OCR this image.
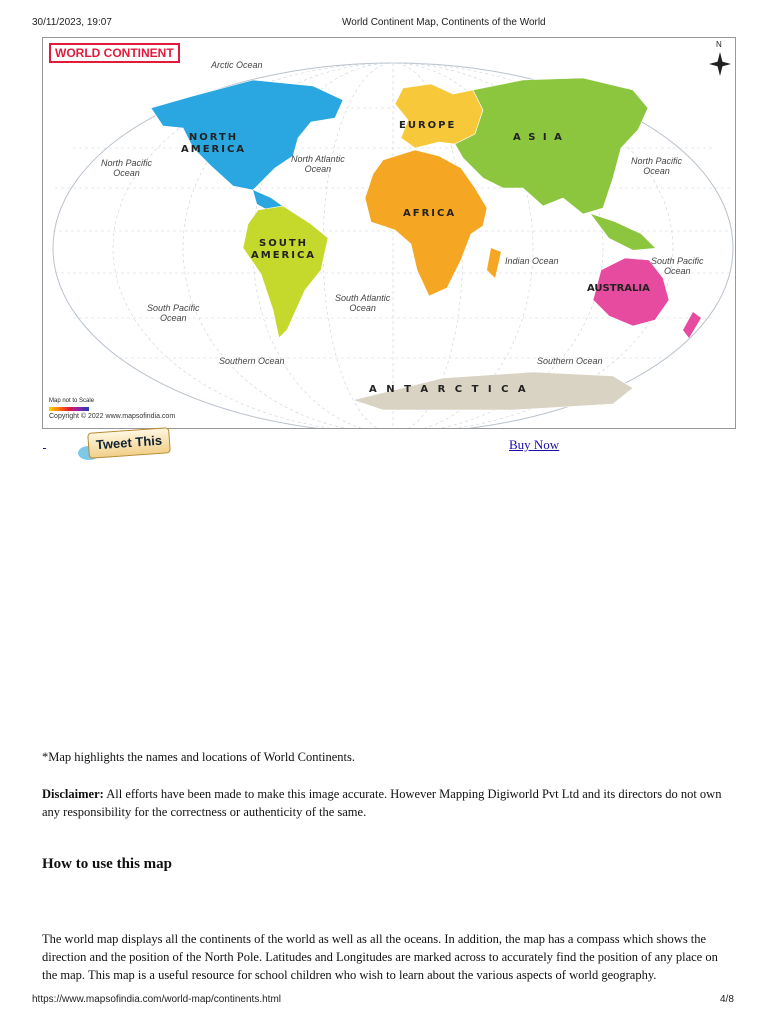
30/11/2023, 19:07	World Continent Map, Continents of the World
WORLD CONTINENT
N
NORTH
AMERICA
SOUTH
AMERICA
EUROPE
A S I A
AFRICA
AUSTRALIA
A N T A R C T I C A
Arctic Ocean
North Pacific
Ocean
North Atlantic
Ocean
North Pacific
Ocean
Indian Ocean	South Pacific
Ocean
South Atlantic
Ocean
South Pacific
Ocean
Southern Ocean	Southern Ocean
Map not to Scale
Copyright © 2022 www.mapsofindia.com
Tweet This	Buy Now
*Map highlights the names and locations of World Continents.
Disclaimer: All efforts have been made to make this image accurate. However Mapping Digiworld Pvt Ltd and its directors do not own any responsibility for the correctness or authenticity of the same.
How to use this map
The world map displays all the continents of the world as well as all the oceans. In addition, the map has a compass which shows the direction and the position of the North Pole. Latitudes and Longitudes are marked across to accurately find the position of any place on the map. This map is a useful resource for school children who wish to learn about the various aspects of world geography.
https://www.mapsofindia.com/world-map/continents.html	4/8
